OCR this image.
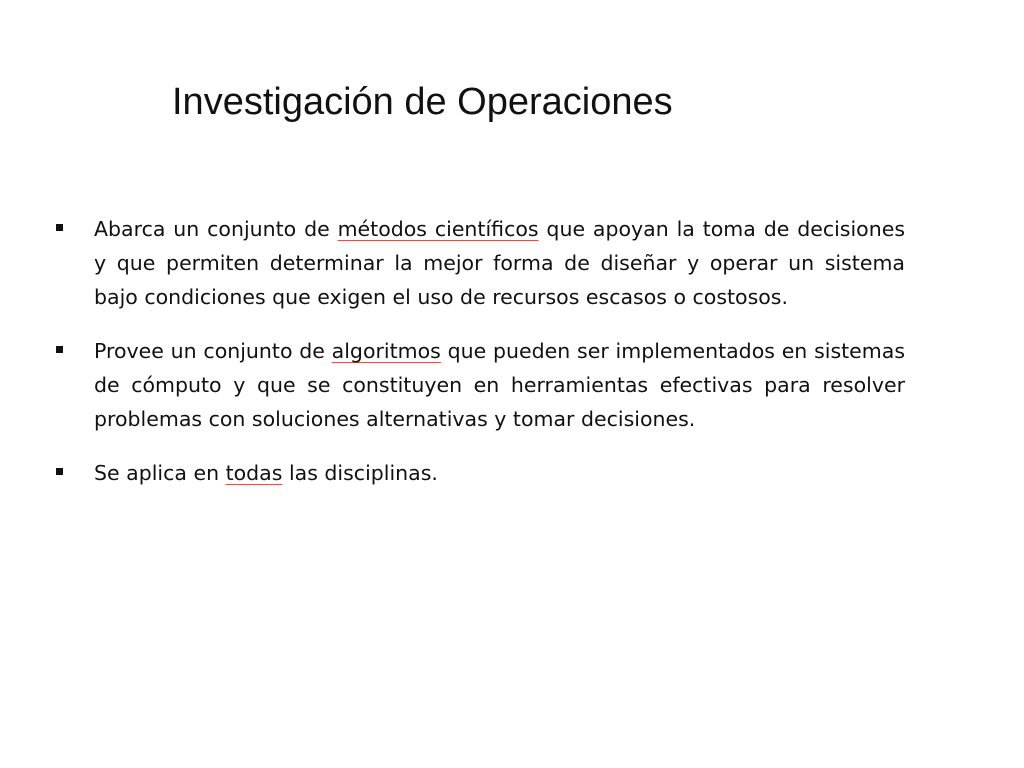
Investigación de Operaciones
Abarca un conjunto de métodos científicos que apoyan la toma de decisiones y que permiten determinar la mejor forma de diseñar y operar un sistema bajo condiciones que exigen el uso de recursos escasos o costosos.
Provee un conjunto de algoritmos que pueden ser implementados en sistemas de cómputo y que se constituyen en herramientas efectivas para resolver problemas con soluciones alternativas y tomar decisiones.
Se aplica en todas las disciplinas.
